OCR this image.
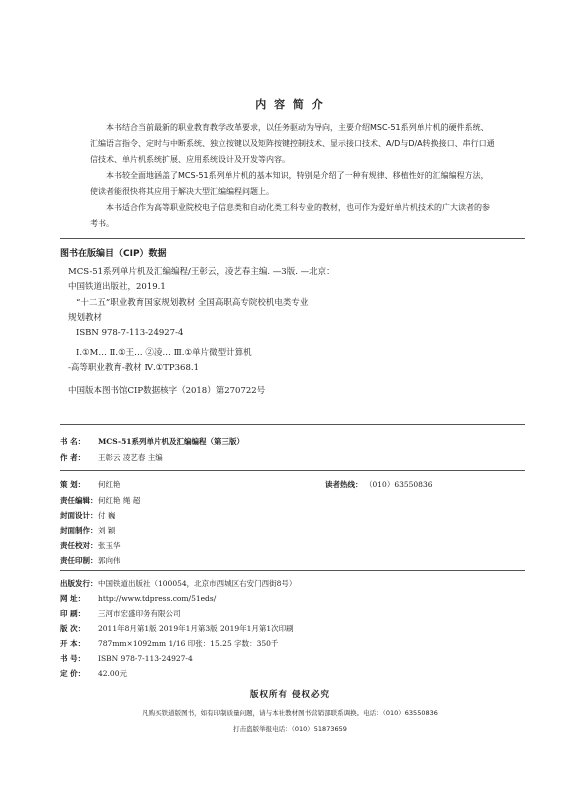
内 容 简 介

本书结合当前最新的职业教育教学改革要求，以任务驱动为导向，主要介绍MSC-51系列单片机的硬件系统、汇编语言指令、定时与中断系统、独立按键以及矩阵按键控制技术、显示接口技术、A/D与D/A转换接口、串行口通信技术、单片机系统扩展、应用系统设计及开发等内容。

本书较全面地涵盖了MCS-51系列单片机的基本知识，特别是介绍了一种有规律、移植性好的汇编编程方法，使读者能很快将其应用于解决大型汇编编程问题上。

本书适合作为高等职业院校电子信息类和自动化类工科专业的教材，也可作为爱好单片机技术的广大读者的参考书。

图书在版编目（CIP）数据
MCS-51系列单片机及汇编编程/王彰云，凌艺春主编. —3版. —北京：
中国铁道出版社，2019.1
“十二五”职业教育国家规划教材 全国高职高专院校机电类专业
规划教材
ISBN 978-7-113-24927-4
Ⅰ.①M… Ⅱ.①王… ②凌… Ⅲ.①单片微型计算机
-高等职业教育-教材 Ⅳ.①TP368.1
中国版本图书馆CIP数据核字（2018）第270722号
书 名： MCS-51系列单片机及汇编编程（第三版）
作 者： 王彰云 凌艺春 主编
策 划： 何红艳	读者热线： （010）63550836
责任编辑：何红艳 绳 超
封面设计：付 巍
封面制作：刘 颖
责任校对：张玉华
责任印制：郭向伟
出版发行：中国铁道出版社（100054，北京市西城区右安门西街8号）
网 址： http://www.tdpress.com/51eds/
印 刷： 三河市宏盛印务有限公司
版 次： 2011年8月第1版 2019年1月第3版 2019年1月第1次印刷
开 本： 787mm×1092mm 1/16 印张：15.25 字数：350千
书 号： ISBN 978-7-113-24927-4
定 价： 42.00元
版权所有 侵权必究
凡购买铁道版图书，如有印制质量问题，请与本社教材图书营销部联系调换。电话：（010）63550836
打击盗版举报电话：（010）51873659
